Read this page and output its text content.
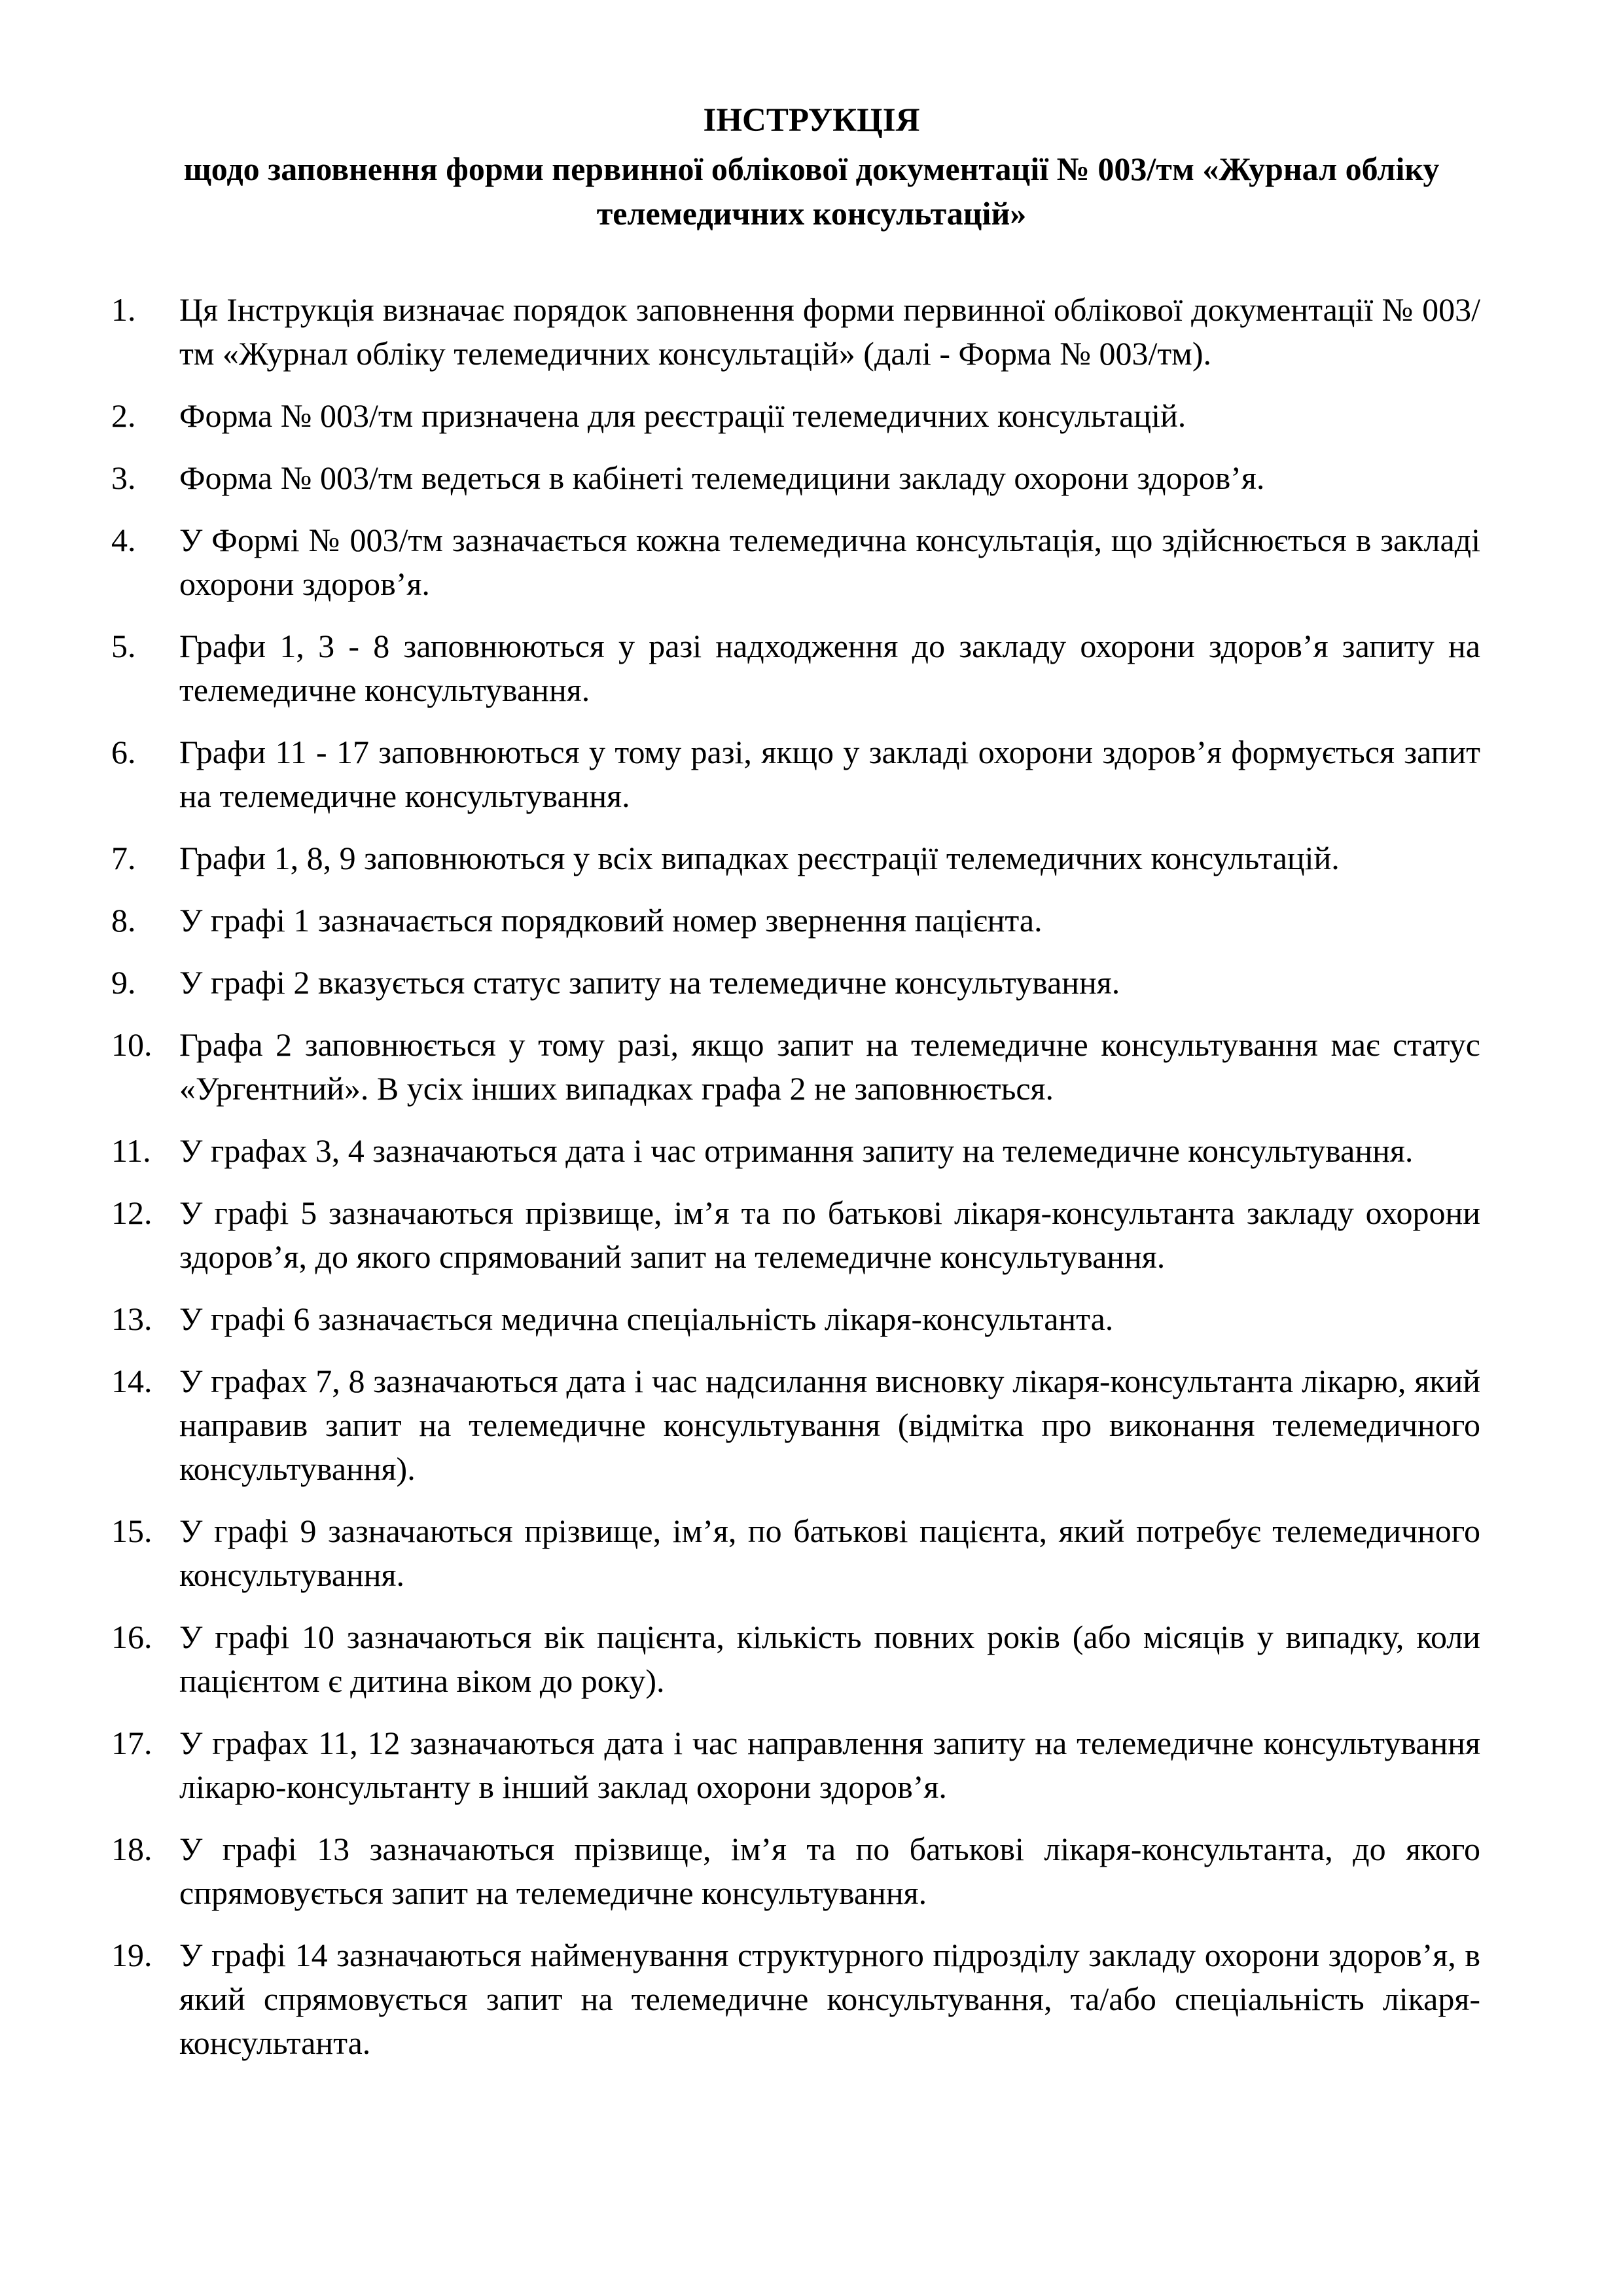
ІНСТРУКЦІЯ
щодо заповнення форми первинної облікової документації № 003/тм «Журнал обліку телемедичних консультацій»
1.	Ця Інструкція визначає порядок заповнення форми первинної облікової документації № 003/тм «Журнал обліку телемедичних консультацій» (далі - Форма № 003/тм).
2.	Форма № 003/тм призначена для реєстрації телемедичних консультацій.
3.	Форма № 003/тм ведеться в кабінеті телемедицини закладу охорони здоров’я.
4.	У Формі № 003/тм зазначається кожна телемедична консультація, що здійснюється в закладі охорони здоров’я.
5.	Графи 1, 3 - 8 заповнюються у разі надходження до закладу охорони здоров’я запиту на телемедичне консультування.
6.	Графи 11 - 17 заповнюються у тому разі, якщо у закладі охорони здоров’я формується запит на телемедичне консультування.
7.	Графи 1, 8, 9 заповнюються у всіх випадках реєстрації телемедичних консультацій.
8.	У графі 1 зазначається порядковий номер звернення пацієнта.
9.	У графі 2 вказується статус запиту на телемедичне консультування.
10. Графа 2 заповнюється у тому разі, якщо запит на телемедичне консультування має статус «Ургентний». В усіх інших випадках графа 2 не заповнюється.
11. У графах 3, 4 зазначаються дата і час отримання запиту на телемедичне консультування.
12. У графі 5 зазначаються прізвище, ім’я та по батькові лікаря-консультанта закладу охорони здоров’я, до якого спрямований запит на телемедичне консультування.
13. У графі 6 зазначається медична спеціальність лікаря-консультанта.
14. У графах 7, 8 зазначаються дата і час надсилання висновку лікаря-консультанта лікарю, який направив запит на телемедичне консультування (відмітка про виконання телемедичного консультування).
15. У графі 9 зазначаються прізвище, ім’я, по батькові пацієнта, який потребує телемедичного консультування.
16. У графі 10 зазначаються вік пацієнта, кількість повних років (або місяців у випадку, коли пацієнтом є дитина віком до року).
17. У графах 11, 12 зазначаються дата і час направлення запиту на телемедичне консультування лікарю-консультанту в інший заклад охорони здоров’я.
18. У графі 13 зазначаються прізвище, ім’я та по батькові лікаря-консультанта, до якого спрямовується запит на телемедичне консультування.
19. У графі 14 зазначаються найменування структурного підрозділу закладу охорони здоров’я, в який спрямовується запит на телемедичне консультування, та/або спеціальність лікаря-консультанта.
